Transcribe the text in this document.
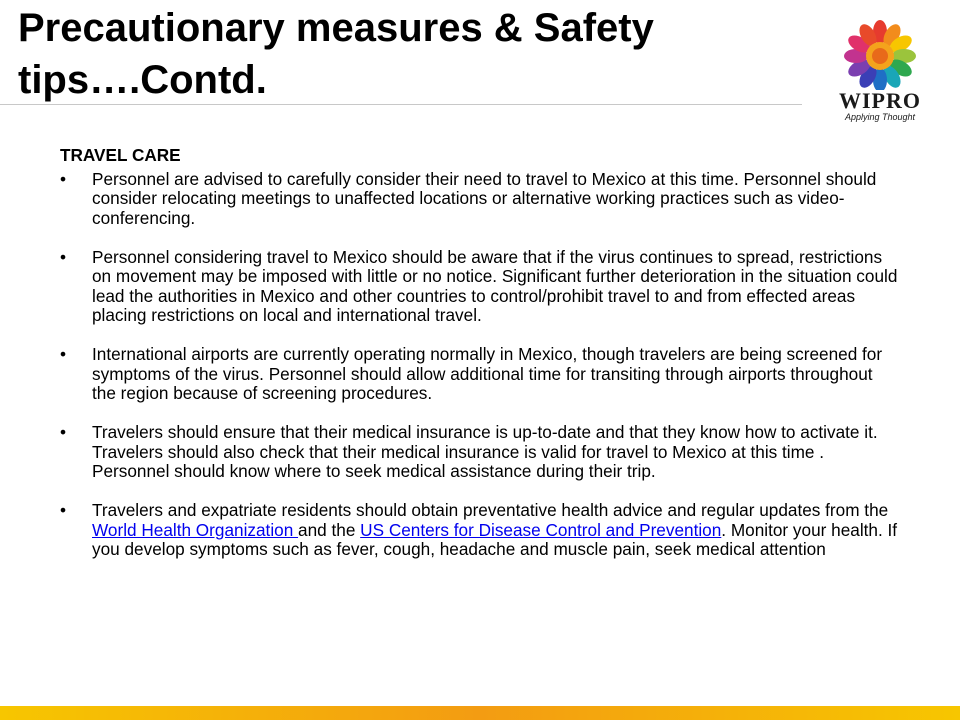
Precautionary measures & Safety
tips….Contd.	WIPRO
Applying Thought
TRAVEL CARE
• Personnel are advised to carefully consider their need to travel to Mexico at this time. Personnel should consider relocating meetings to unaffected locations or alternative working practices such as video-conferencing.
• Personnel considering travel to Mexico should be aware that if the virus continues to spread, restrictions on movement may be imposed with little or no notice. Significant further deterioration in the situation could lead the authorities in Mexico and other countries to control/prohibit travel to and from effected areas placing restrictions on local and international travel.
• International airports are currently operating normally in Mexico, though travelers are being screened for symptoms of the virus. Personnel should allow additional time for transiting through airports throughout the region because of screening procedures.
• Travelers should ensure that their medical insurance is up-to-date and that they know how to activate it. Travelers should also check that their medical insurance is valid for travel to Mexico at this time . Personnel should know where to seek medical assistance during their trip.
• Travelers and expatriate residents should obtain preventative health advice and regular updates from the World Health Organization and the US Centers for Disease Control and Prevention. Monitor your health. If you develop symptoms such as fever, cough, headache and muscle pain, seek medical attention
